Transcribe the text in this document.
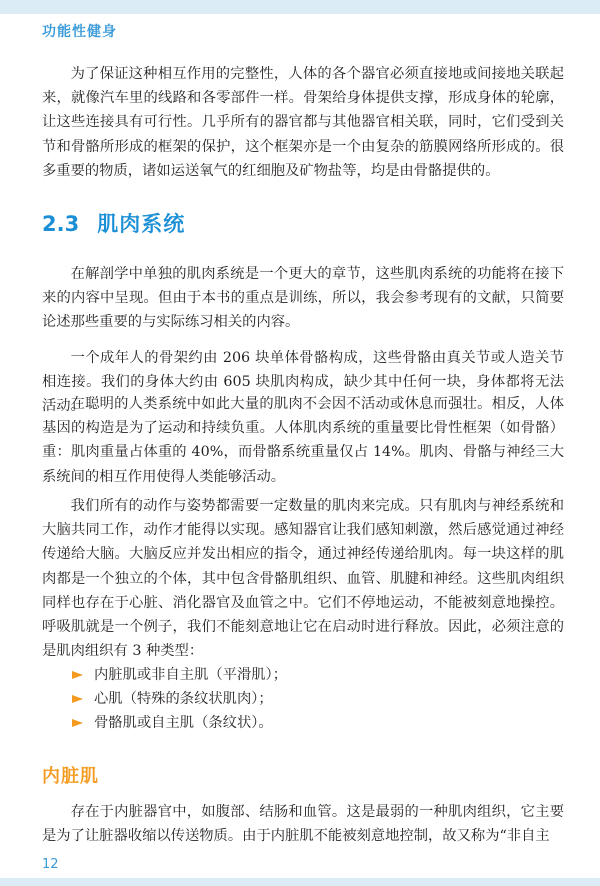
功能性健身

为了保证这种相互作用的完整性，人体的各个器官必须直接地或间接地关联起来，就像汽车里的线路和各零部件一样。骨架给身体提供支撑，形成身体的轮廓，让这些连接具有可行性。几乎所有的器官都与其他器官相关联，同时，它们受到关节和骨骼所形成的框架的保护，这个框架亦是一个由复杂的筋膜网络所形成的。很多重要的物质，诸如运送氧气的红细胞及矿物盐等，均是由骨骼提供的。

2.3 肌肉系统

在解剖学中单独的肌肉系统是一个更大的章节，这些肌肉系统的功能将在接下来的内容中呈现。但由于本书的重点是训练，所以，我会参考现有的文献，只简要论述那些重要的与实际练习相关的内容。

一个成年人的骨架约由 206 块单体骨骼构成，这些骨骼由真关节或人造关节相连接。我们的身体大约由 605 块肌肉构成，缺少其中任何一块，身体都将无法活动。

在聪明的人类系统中如此大量的肌肉不会因不活动或休息而强壮。相反，人体基因的构造是为了运动和持续负重。人体肌肉系统的重量要比骨性框架（如骨骼）重：肌肉重量占体重的 40%，而骨骼系统重量仅占 14%。肌肉、骨骼与神经三大系统间的相互作用使得人类能够活动。

我们所有的动作与姿势都需要一定数量的肌肉来完成。只有肌肉与神经系统和大脑共同工作，动作才能得以实现。感知器官让我们感知刺激，然后感觉通过神经传递给大脑。大脑反应并发出相应的指令，通过神经传递给肌肉。每一块这样的肌肉都是一个独立的个体，其中包含骨骼肌组织、血管、肌腱和神经。这些肌肉组织同样也存在于心脏、消化器官及血管之中。它们不停地运动，不能被刻意地操控。呼吸肌就是一个例子，我们不能刻意地让它在启动时进行释放。因此，必须注意的是肌肉组织有 3 种类型：

内脏肌或非自主肌（平滑肌）；
心肌（特殊的条纹状肌肉）；
骨骼肌或自主肌（条纹状）。
内脏肌

存在于内脏器官中，如腹部、结肠和血管。这是最弱的一种肌肉组织，它主要是为了让脏器收缩以传送物质。由于内脏肌不能被刻意地控制，故又称为“非自主

12
